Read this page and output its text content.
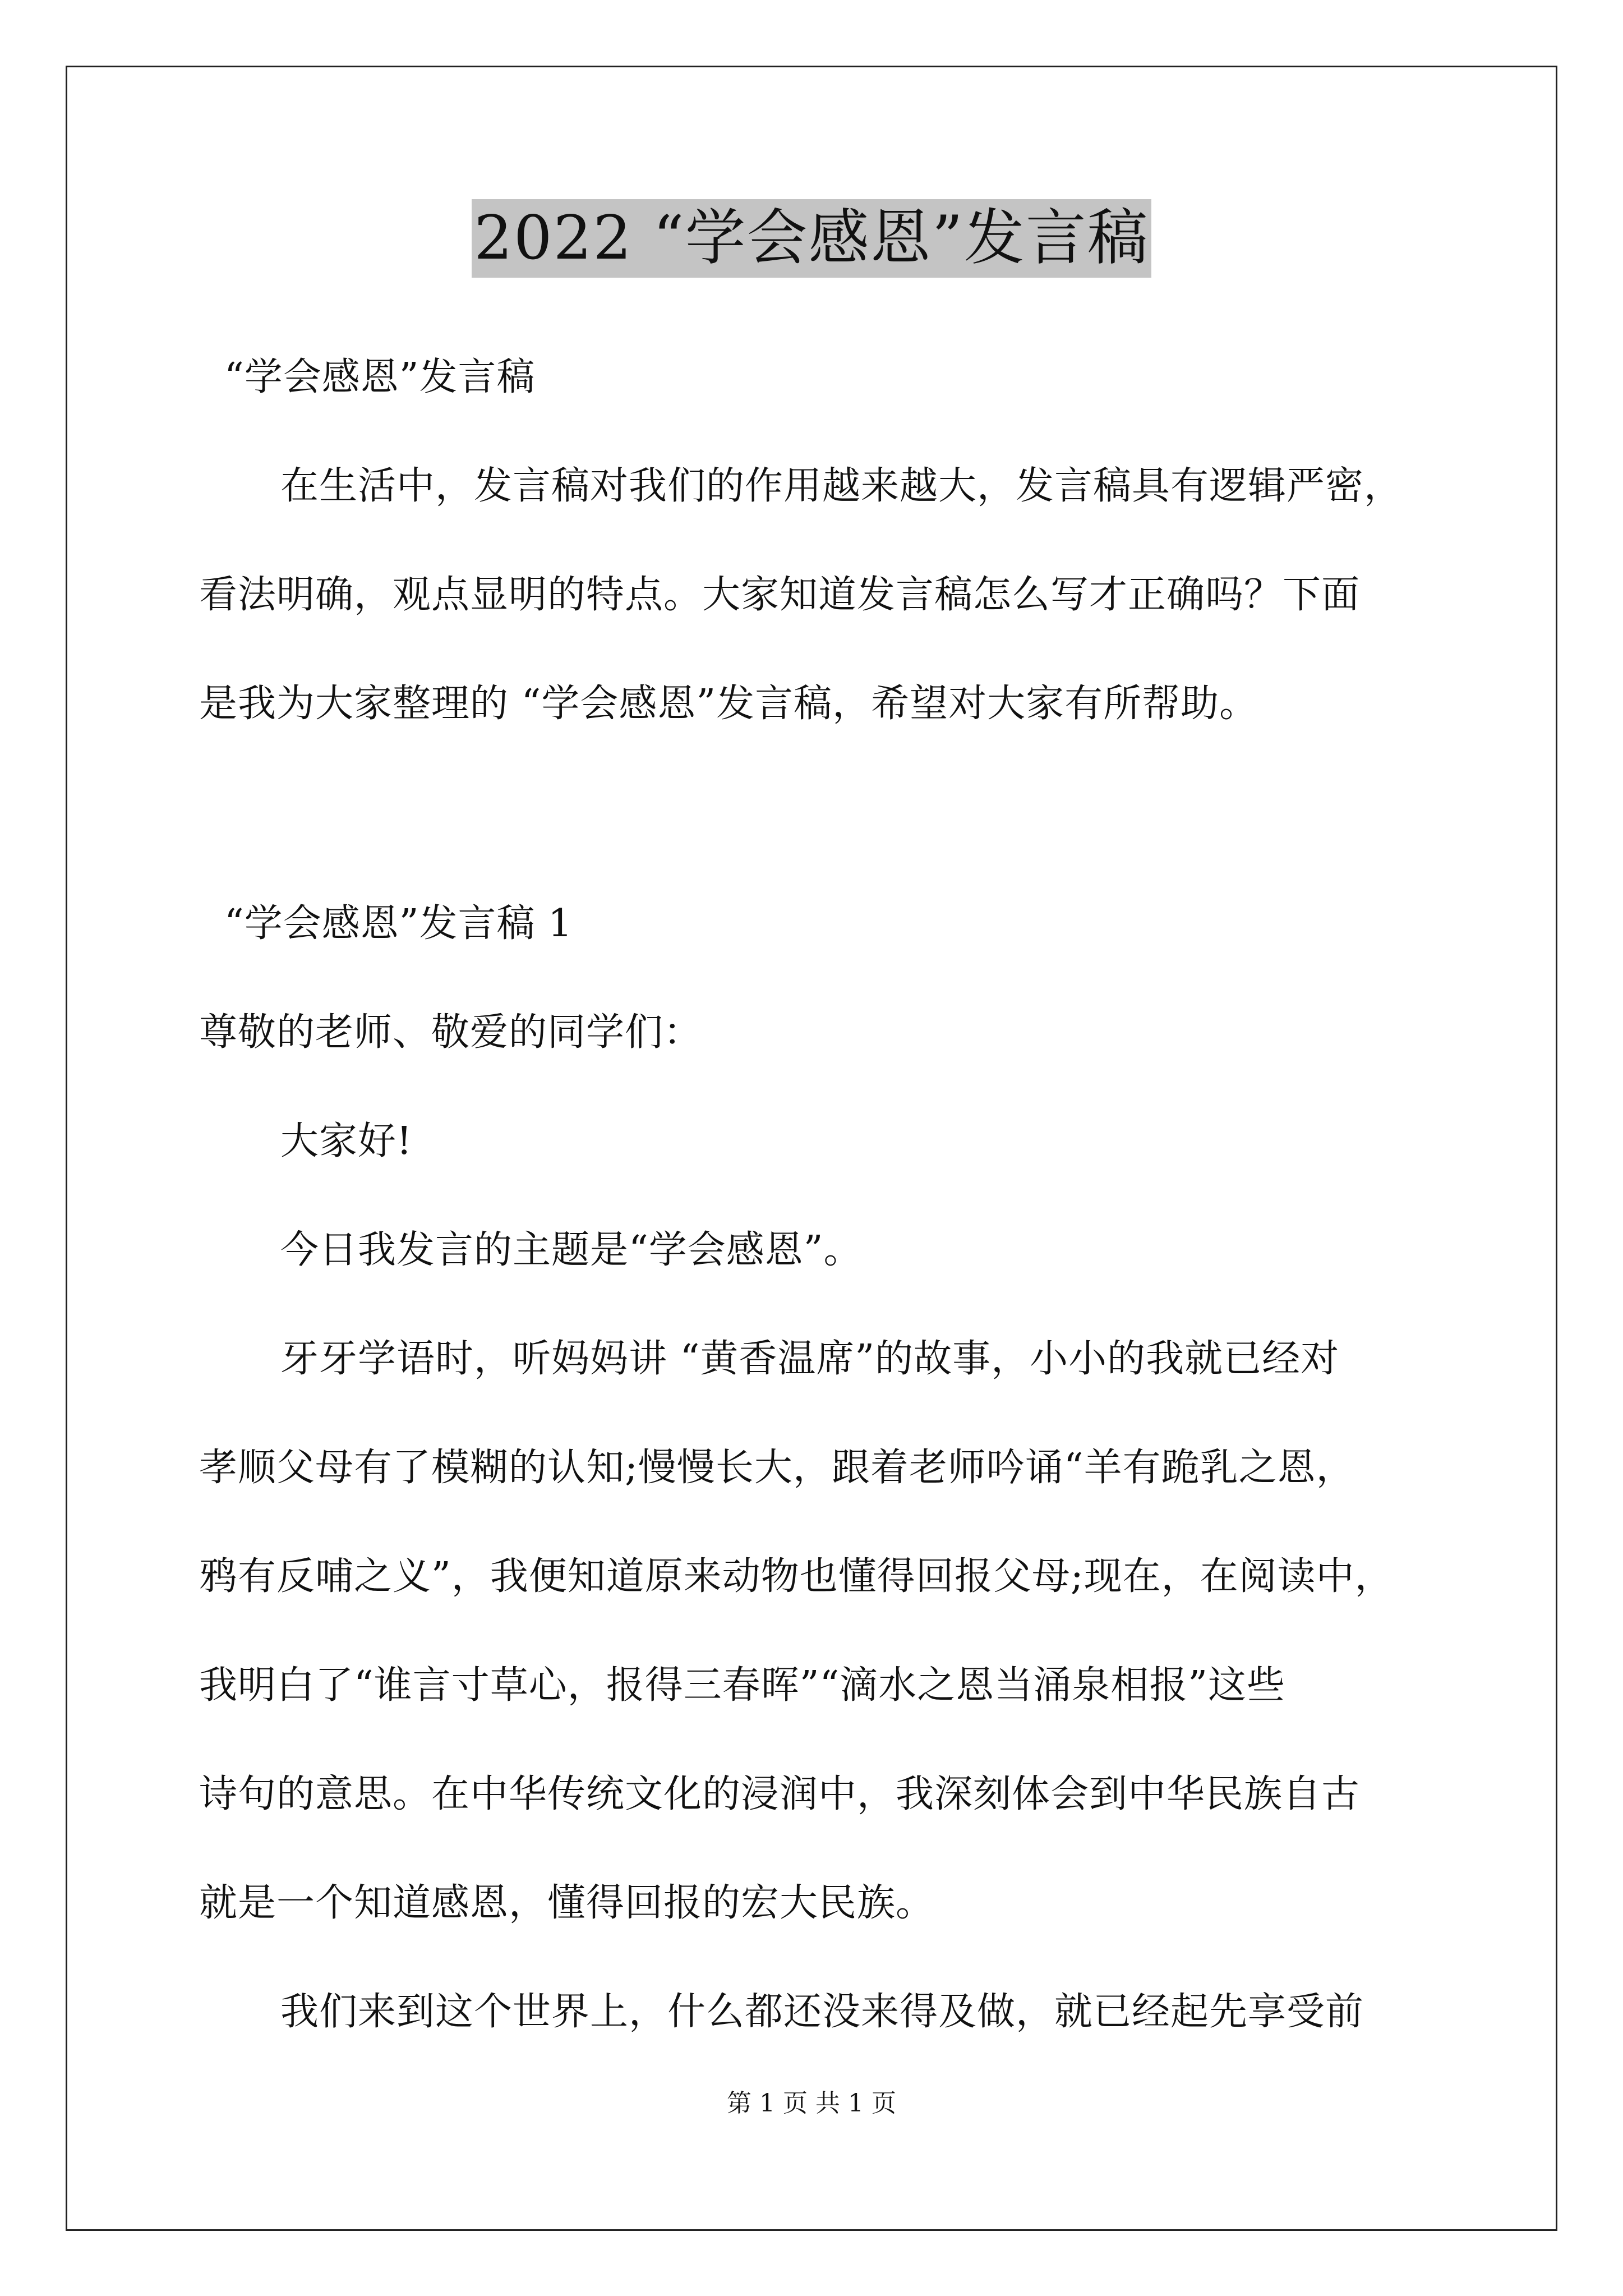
2022 “学会感恩”发言稿
“学会感恩”发言稿
在生活中，发言稿对我们的作用越来越大，发言稿具有逻辑严密，
看法明确，观点显明的特点。大家知道发言稿怎么写才正确吗？下面
是我为大家整理的 “学会感恩”发言稿，希望对大家有所帮助。
“学会感恩”发言稿 1
尊敬的老师、敬爱的同学们：
大家好!
今日我发言的主题是“学会感恩”。
牙牙学语时，听妈妈讲 “黄香温席”的故事，小小的我就已经对
孝顺父母有了模糊的认知;慢慢长大，跟着老师吟诵“羊有跪乳之恩，
鸦有反哺之义”，我便知道原来动物也懂得回报父母;现在，在阅读中，
我明白了“谁言寸草心，报得三春晖”“滴水之恩当涌泉相报”这些
诗句的意思。在中华传统文化的浸润中，我深刻体会到中华民族自古
就是一个知道感恩，懂得回报的宏大民族。
我们来到这个世界上，什么都还没来得及做，就已经起先享受前
第 1 页 共 1 页
